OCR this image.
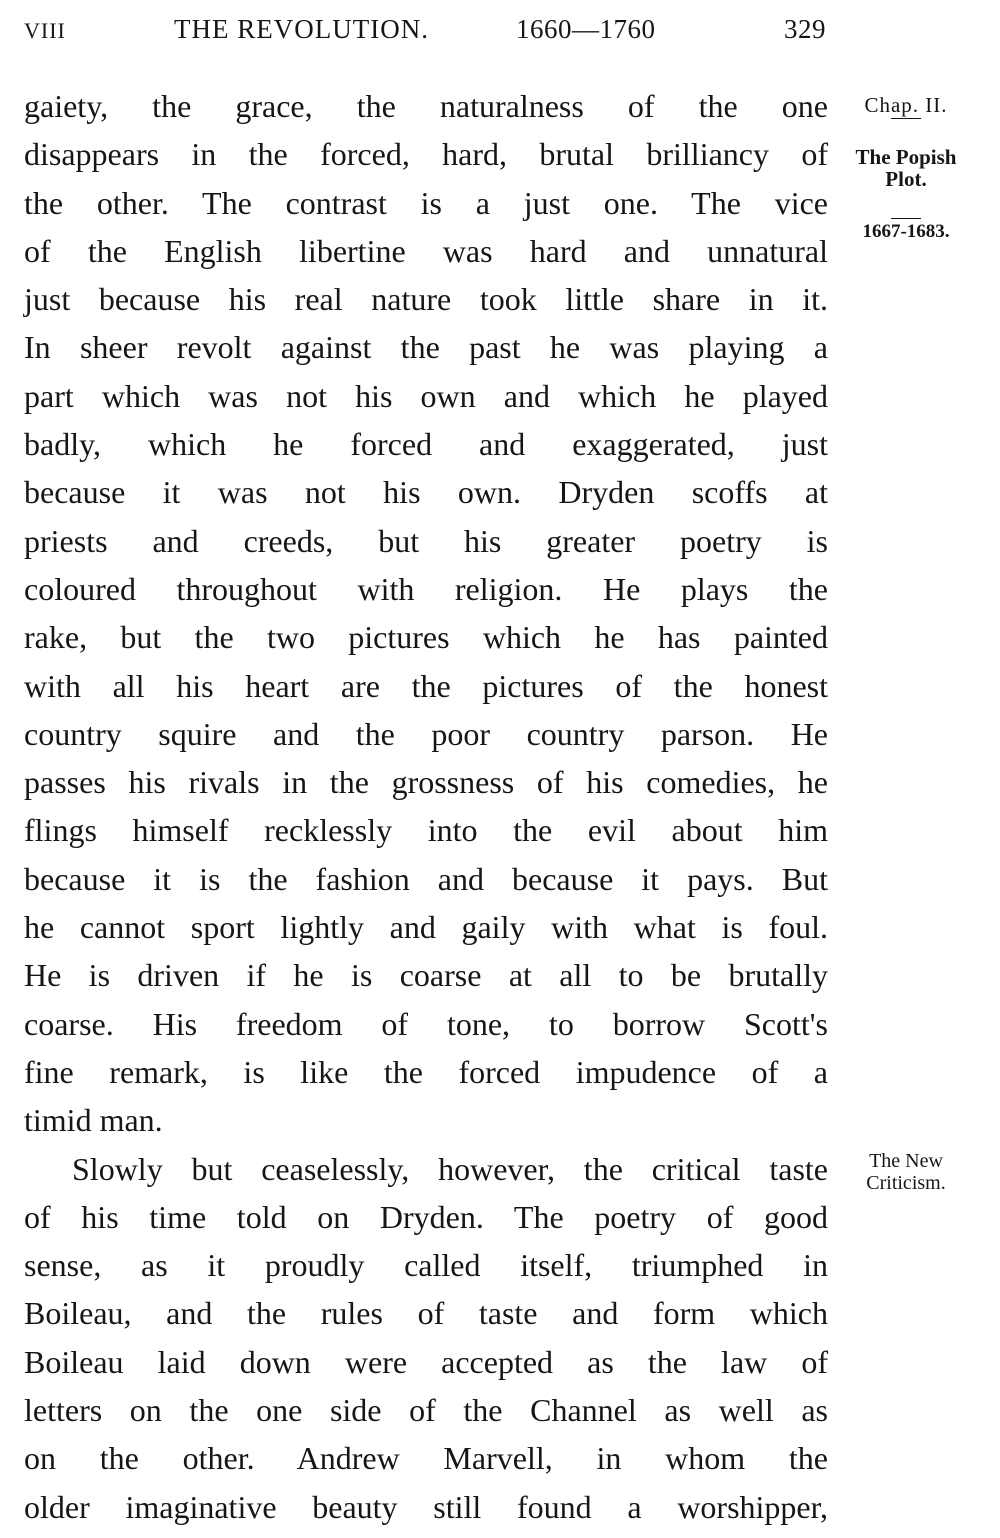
VIII	THE REVOLUTION.	1660—1760	329
gaiety, the grace, the naturalness of the one
disappears in the forced, hard, brutal brilliancy of
the other. The contrast is a just one. The vice
of the English libertine was hard and unnatural
just because his real nature took little share in it.
In sheer revolt against the past he was playing a
part which was not his own and which he played
badly, which he forced and exaggerated, just
because it was not his own. Dryden scoffs at
priests and creeds, but his greater poetry is
coloured throughout with religion. He plays the
rake, but the two pictures which he has painted
with all his heart are the pictures of the honest
country squire and the poor country parson. He
passes his rivals in the grossness of his comedies, he
flings himself recklessly into the evil about him
because it is the fashion and because it pays. But
he cannot sport lightly and gaily with what is foul.
He is driven if he is coarse at all to be brutally
coarse. His freedom of tone, to borrow Scott's
fine remark, is like the forced impudence of a
timid man.
Slowly but ceaselessly, however, the critical taste
of his time told on Dryden. The poetry of good
sense, as it proudly called itself, triumphed in
Boileau, and the rules of taste and form which
Boileau laid down were accepted as the law of
letters on the one side of the Channel as well as
on the other. Andrew Marvell, in whom the
older imaginative beauty still found a worshipper,
Chap. II.
The Popish Plot.
1667-1683.
The New Criticism.
